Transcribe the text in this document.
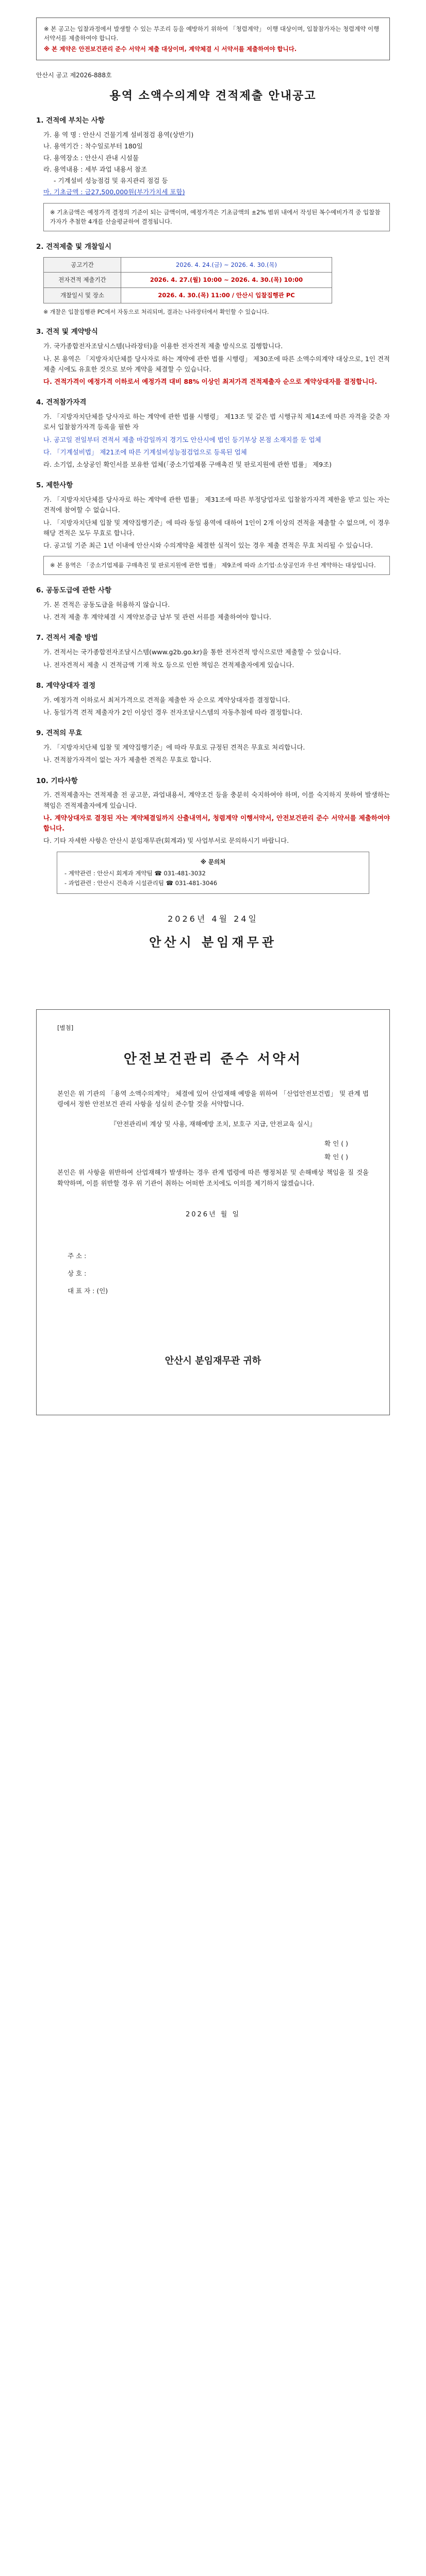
※ 본 공고는 입찰과정에서 발생할 수 있는 부조리 등을 예방하기 위하여 「청렴계약」 이행 대상이며, 입찰참가자는 청렴계약 이행서약서를 제출하여야 합니다.

※ 본 계약은 안전보건관리 준수 서약서 제출 대상이며, 계약체결 시 서약서를 제출하여야 합니다.

안산시 공고 제2026-888호
용역 소액수의계약 견적제출 안내공고
1. 견적에 부치는 사항
가. 용 역 명 : 안산시 건물기계 설비점검 용역(상반기)
나. 용역기간 : 착수일로부터 180일
다. 용역장소 : 안산시 관내 시설물
라. 용역내용 : 세부 과업 내용서 참조
- 기계설비 성능점검 및 유지관리 점검 등
마. 기초금액 : 금27,500,000원(부가가치세 포함)
※ 기초금액은 예정가격 결정의 기준이 되는 금액이며, 예정가격은 기초금액의 ±2% 범위 내에서 작성된 복수예비가격 중 입찰참가자가 추첨한 4개를 산술평균하여 결정됩니다.
2. 견적제출 및 개찰일시
공고기간	2026. 4. 24.(금) ~ 2026. 4. 30.(목)
전자견적 제출기간	2026. 4. 27.(월) 10:00 ~ 2026. 4. 30.(목) 10:00
개찰일시 및 장소	2026. 4. 30.(목) 11:00 / 안산시 입찰집행관 PC
※ 개찰은 입찰집행관 PC에서 자동으로 처리되며, 결과는 나라장터에서 확인할 수 있습니다.
3. 견적 및 계약방식

가. 국가종합전자조달시스템(나라장터)을 이용한 전자견적 제출 방식으로 집행합니다.

나. 본 용역은 「지방자치단체를 당사자로 하는 계약에 관한 법률 시행령」 제30조에 따른 소액수의계약 대상으로, 1인 견적 제출 시에도 유효한 것으로 보아 계약을 체결할 수 있습니다.

다. 견적가격이 예정가격 이하로서 예정가격 대비 88% 이상인 최저가격 견적제출자 순으로 계약상대자를 결정합니다.

4. 견적참가자격

가. 「지방자치단체를 당사자로 하는 계약에 관한 법률 시행령」 제13조 및 같은 법 시행규칙 제14조에 따른 자격을 갖춘 자로서 입찰참가자격 등록을 필한 자

나. 공고일 전일부터 견적서 제출 마감일까지 경기도 안산시에 법인 등기부상 본점 소재지를 둔 업체

다. 「기계설비법」 제21조에 따른 기계설비성능점검업으로 등록된 업체

라. 소기업, 소상공인 확인서를 보유한 업체(「중소기업제품 구매촉진 및 판로지원에 관한 법률」 제9조)

5. 제한사항

가. 「지방자치단체를 당사자로 하는 계약에 관한 법률」 제31조에 따른 부정당업자로 입찰참가자격 제한을 받고 있는 자는 견적에 참여할 수 없습니다.

나. 「지방자치단체 입찰 및 계약집행기준」에 따라 동일 용역에 대하여 1인이 2개 이상의 견적을 제출할 수 없으며, 이 경우 해당 견적은 모두 무효로 합니다.

다. 공고일 기준 최근 1년 이내에 안산시와 수의계약을 체결한 실적이 있는 경우 제출 견적은 무효 처리될 수 있습니다.

※ 본 용역은 「중소기업제품 구매촉진 및 판로지원에 관한 법률」 제9조에 따라 소기업·소상공인과 우선 계약하는 대상입니다.
6. 공동도급에 관한 사항

가. 본 견적은 공동도급을 허용하지 않습니다.

나. 견적 제출 후 계약체결 시 계약보증금 납부 및 관련 서류를 제출하여야 합니다.

7. 견적서 제출 방법

가. 견적서는 국가종합전자조달시스템(www.g2b.go.kr)을 통한 전자견적 방식으로만 제출할 수 있습니다.

나. 전자견적서 제출 시 견적금액 기재 착오 등으로 인한 책임은 견적제출자에게 있습니다.

8. 계약상대자 결정

가. 예정가격 이하로서 최저가격으로 견적을 제출한 자 순으로 계약상대자를 결정합니다.

나. 동일가격 견적 제출자가 2인 이상인 경우 전자조달시스템의 자동추첨에 따라 결정합니다.

9. 견적의 무효

가. 「지방자치단체 입찰 및 계약집행기준」에 따라 무효로 규정된 견적은 무효로 처리합니다.

나. 견적참가자격이 없는 자가 제출한 견적은 무효로 합니다.

10. 기타사항

가. 견적제출자는 견적제출 전 공고문, 과업내용서, 계약조건 등을 충분히 숙지하여야 하며, 이를 숙지하지 못하여 발생하는 책임은 견적제출자에게 있습니다.

나. 계약상대자로 결정된 자는 계약체결일까지 산출내역서, 청렴계약 이행서약서, 안전보건관리 준수 서약서를 제출하여야 합니다.

다. 기타 자세한 사항은 안산시 분임재무관(회계과) 및 사업부서로 문의하시기 바랍니다.

※ 문의처
- 계약관련 : 안산시 회계과 계약팀 ☎ 031-481-3032
- 과업관련 : 안산시 건축과 시설관리팀 ☎ 031-481-3046
2026년 4월 24일
안산시 분임재무관
[별첨]
안전보건관리 준수 서약서

본인은 위 기관의 「용역 소액수의계약」 체결에 있어 산업재해 예방을 위하여 「산업안전보건법」 및 관계 법령에서 정한 안전보건 관리 사항을 성실히 준수할 것을 서약합니다.

『안전관리비 계상 및 사용, 재해예방 조치, 보호구 지급, 안전교육 실시』

확 인 ( )
확 인 ( )

본인은 위 사항을 위반하여 산업재해가 발생하는 경우 관계 법령에 따른 행정처분 및 손해배상 책임을 질 것을 확약하며, 이를 위반할 경우 위 기관이 취하는 어떠한 조치에도 이의를 제기하지 않겠습니다.

2026년 월 일

주 소 :

상 호 :

대 표 자 : (인)

안산시 분임재무관 귀하
